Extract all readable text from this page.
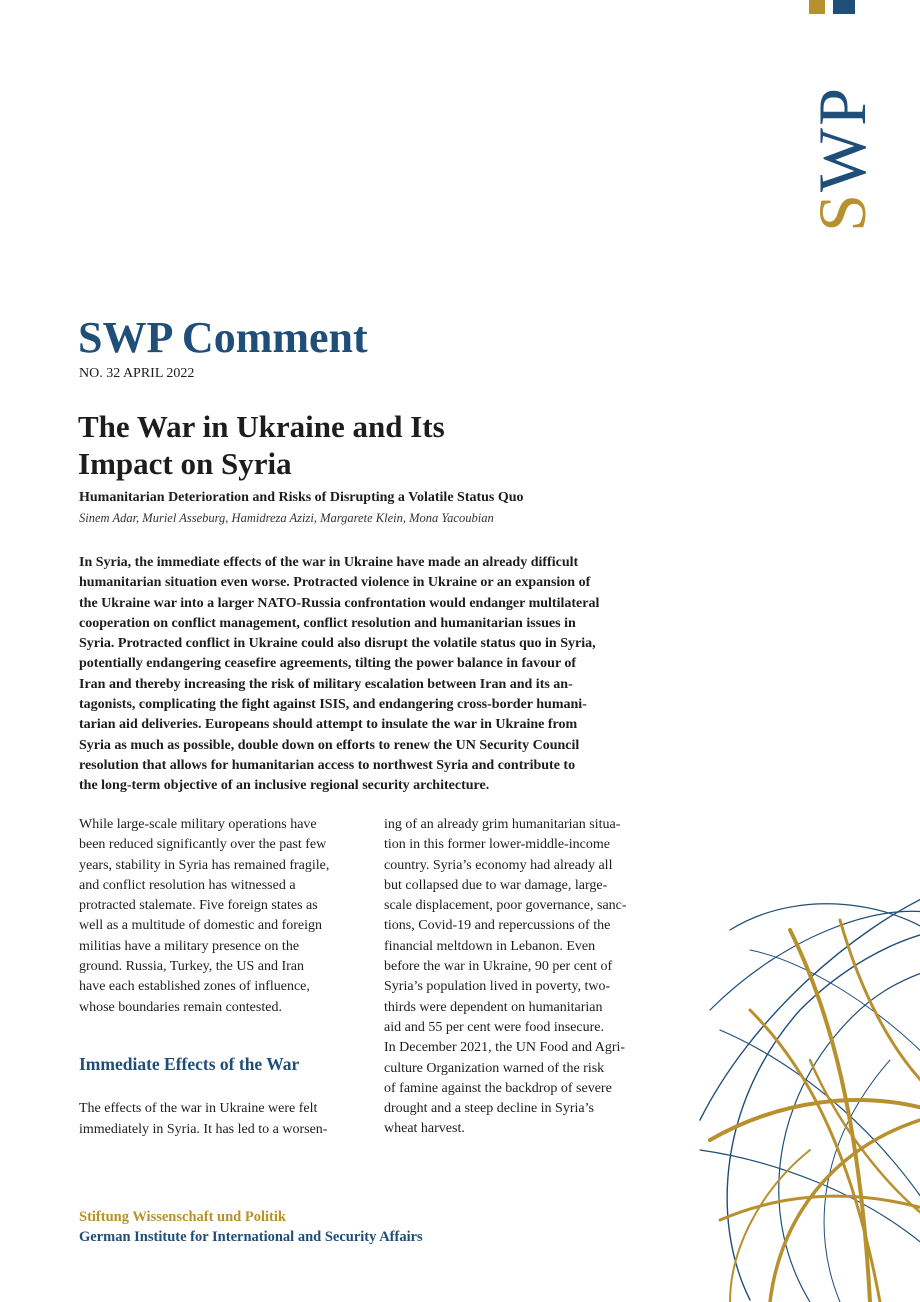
SWP
SWP Comment
NO. 32 APRIL 2022
The War in Ukraine and Its
Impact on Syria
Humanitarian Deterioration and Risks of Disrupting a Volatile Status Quo
Sinem Adar, Muriel Asseburg, Hamidreza Azizi, Margarete Klein, Mona Yacoubian

In Syria, the immediate effects of the war in Ukraine have made an already difficult
humanitarian situation even worse. Protracted violence in Ukraine or an expansion of
the Ukraine war into a larger NATO-Russia confrontation would endanger multilateral
cooperation on conflict management, conflict resolution and humanitarian issues in
Syria. Protracted conflict in Ukraine could also disrupt the volatile status quo in Syria,
potentially endangering ceasefire agreements, tilting the power balance in favour of
Iran and thereby increasing the risk of military escalation between Iran and its an-
tagonists, complicating the fight against ISIS, and endangering cross-border humani-
tarian aid deliveries. Europeans should attempt to insulate the war in Ukraine from
Syria as much as possible, double down on efforts to renew the UN Security Council
resolution that allows for humanitarian access to northwest Syria and contribute to
the long-term objective of an inclusive regional security architecture.

While large-scale military operations have
been reduced significantly over the past few
years, stability in Syria has remained fragile,
and conflict resolution has witnessed a
protracted stalemate. Five foreign states as
well as a multitude of domestic and foreign
militias have a military presence on the
ground. Russia, Turkey, the US and Iran
have each established zones of influence,
whose boundaries remain contested.

Immediate Effects of the War

The effects of the war in Ukraine were felt
immediately in Syria. It has led to a worsen-

ing of an already grim humanitarian situa-
tion in this former lower-middle-income
country. Syria’s economy had already all
but collapsed due to war damage, large-
scale displacement, poor governance, sanc-
tions, Covid-19 and repercussions of the
financial meltdown in Lebanon. Even
before the war in Ukraine, 90 per cent of
Syria’s population lived in poverty, two-
thirds were dependent on humanitarian
aid and 55 per cent were food insecure.
In December 2021, the UN Food and Agri-
culture Organization warned of the risk
of famine against the backdrop of severe
drought and a steep decline in Syria’s
wheat harvest.

Stiftung Wissenschaft und Politik
German Institute for International and Security Affairs
